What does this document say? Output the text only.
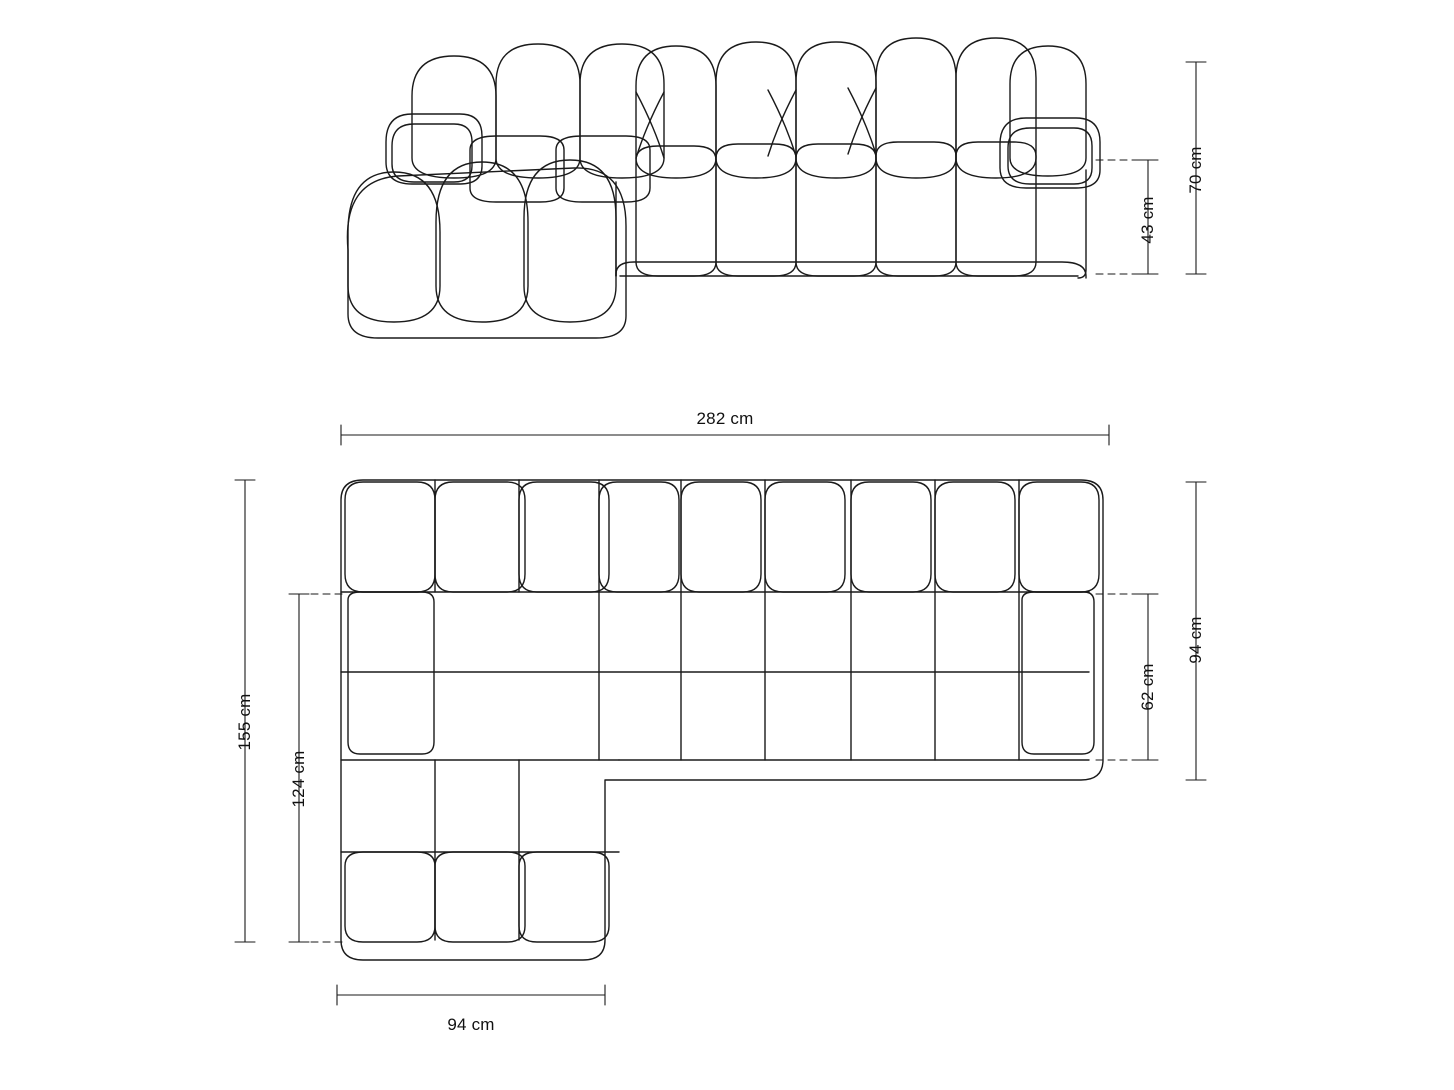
70 cm
43 cm
282 cm
155 cm
124 cm
94 cm
62 cm
94 cm
